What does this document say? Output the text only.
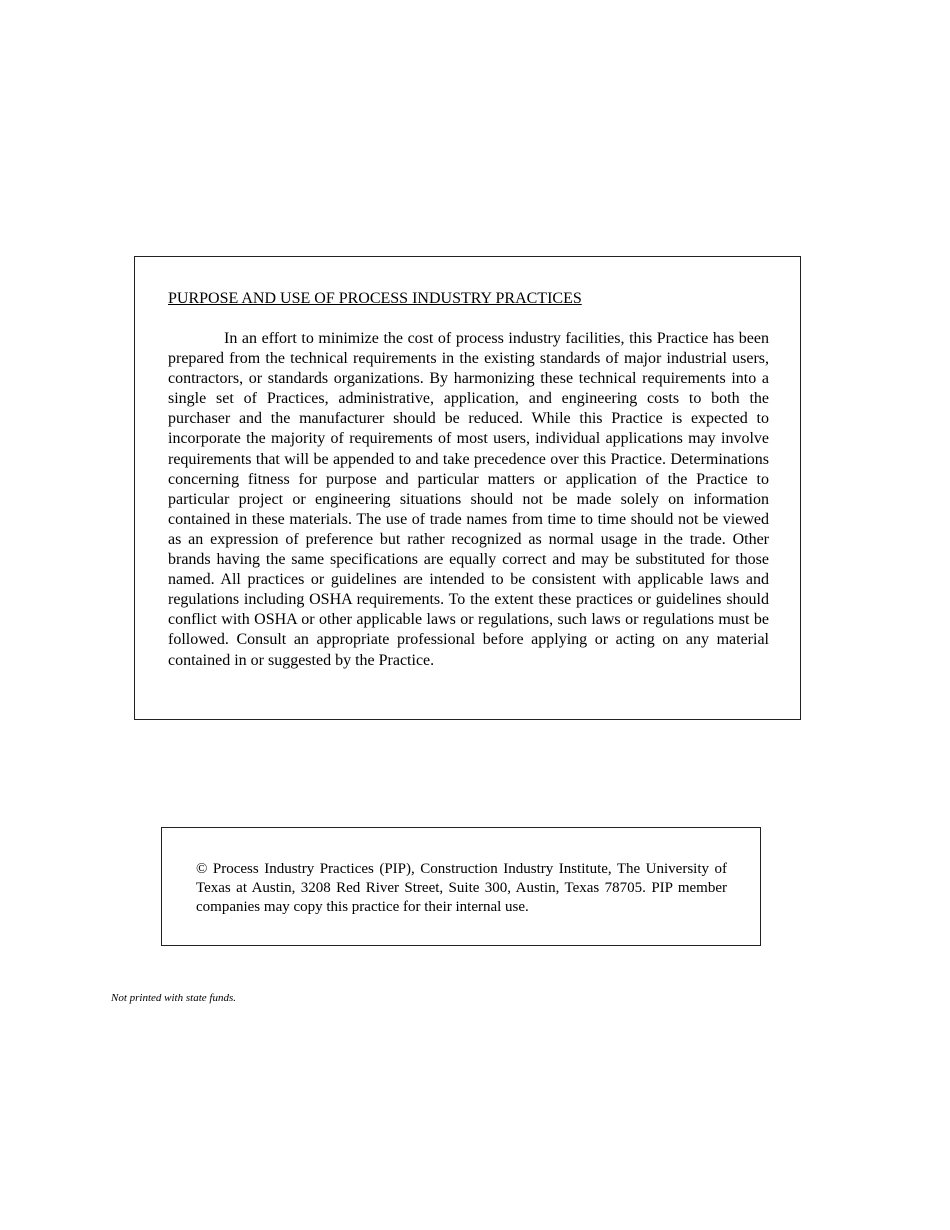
PURPOSE AND USE OF PROCESS INDUSTRY PRACTICES

In an effort to minimize the cost of process industry facilities, this Practice has been prepared from the technical requirements in the existing standards of major industrial users, contractors, or standards organizations. By harmonizing these technical requirements into a single set of Practices, administrative, application, and engineering costs to both the purchaser and the manufacturer should be reduced. While this Practice is expected to incorporate the majority of requirements of most users, individual applications may involve requirements that will be appended to and take precedence over this Practice. Determinations concerning fitness for purpose and particular matters or application of the Practice to particular project or engineering situations should not be made solely on information contained in these materials. The use of trade names from time to time should not be viewed as an expression of preference but rather recognized as normal usage in the trade. Other brands having the same specifications are equally correct and may be substituted for those named. All practices or guidelines are intended to be consistent with applicable laws and regulations including OSHA requirements. To the extent these practices or guidelines should conflict with OSHA or other applicable laws or regulations, such laws or regulations must be followed. Consult an appropriate professional before applying or acting on any material contained in or suggested by the Practice.

© Process Industry Practices (PIP), Construction Industry Institute, The University of Texas at Austin, 3208 Red River Street, Suite 300, Austin, Texas 78705. PIP member companies may copy this practice for their internal use.

Not printed with state funds.
